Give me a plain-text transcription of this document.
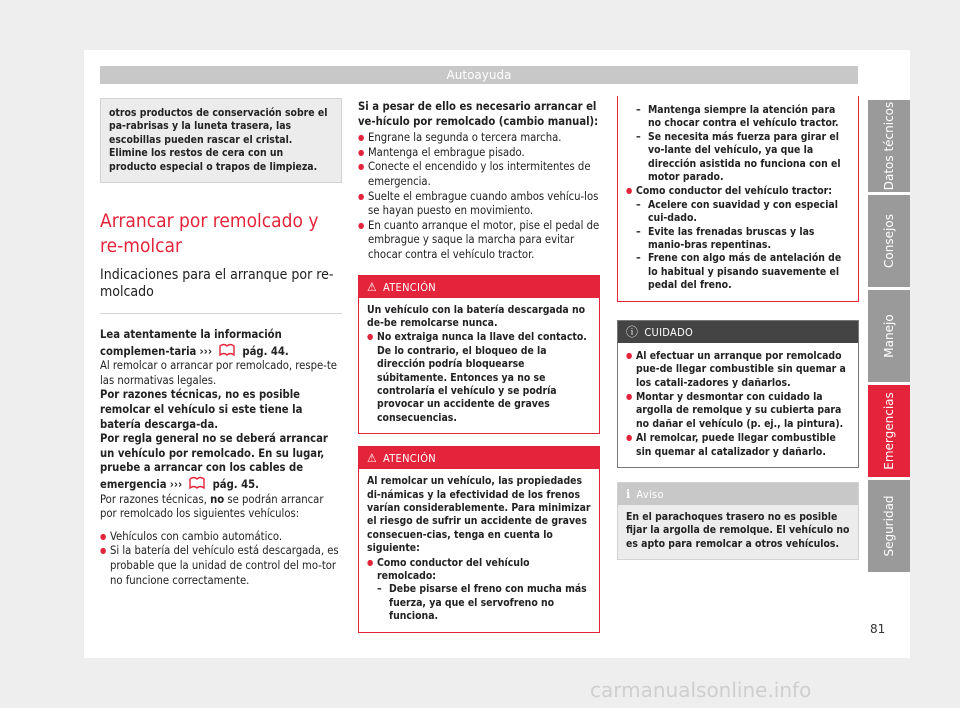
Autoayuda
otros productos de conservación sobre el pa-rabrisas y la luneta trasera, las escobillas pueden rascar el cristal. Elimine los restos de cera con un producto especial o trapos de limpieza.
Arrancar por remolcado y re-molcar
Indicaciones para el arranque por re-molcado

Lea atentamente la información complemen-taria ›››	pág. 44.

Al remolcar o arrancar por remolcado, respe-te las normativas legales.

Por razones técnicas, no es posible remolcar el vehículo si este tiene la batería descarga-da.

Por regla general no se deberá arrancar un vehículo por remolcado. En su lugar, pruebe a arrancar con los cables de emergencia ›››	pág. 45.

Por razones técnicas, no se podrán arrancar por remolcado los siguientes vehículos:

● Vehículos con cambio automático.

● Si la batería del vehículo está descargada, es probable que la unidad de control del mo-tor no funcione correctamente.

Si a pesar de ello es necesario arrancar el ve-hículo por remolcado (cambio manual):

● Engrane la segunda o tercera marcha.

● Mantenga el embrague pisado.

● Conecte el encendido y los intermitentes de emergencia.

● Suelte el embrague cuando ambos vehícu-los se hayan puesto en movimiento.

● En cuanto arranque el motor, pise el pedal de embrague y saque la marcha para evitar chocar contra el vehículo tractor.

⚠ ATENCIÓN

Un vehículo con la batería descargada no de-be remolcarse nunca.

● No extraiga nunca la llave del contacto. De lo contrario, el bloqueo de la dirección podría bloquearse súbitamente. Entonces ya no se controlaría el vehículo y se podría provocar un accidente de graves consecuencias.

⚠ ATENCIÓN

Al remolcar un vehículo, las propiedades di-námicas y la efectividad de los frenos varían considerablemente. Para minimizar el riesgo de sufrir un accidente de graves consecuen-cias, tenga en cuenta lo siguiente:

● Como conductor del vehículo remolcado:

– Debe pisarse el freno con mucha más fuerza, ya que el servofreno no funciona.

– Mantenga siempre la atención para no chocar contra el vehículo tractor.

– Se necesita más fuerza para girar el vo-lante del vehículo, ya que la dirección asistida no funciona con el motor parado.

● Como conductor del vehículo tractor:

– Acelere con suavidad y con especial cui-dado.

– Evite las frenadas bruscas y las manio-bras repentinas.

– Frene con algo más de antelación de lo habitual y pisando suavemente el pedal del freno.

ⓘ CUIDADO

● Al efectuar un arranque por remolcado pue-de llegar combustible sin quemar a los catali-zadores y dañarlos.

● Montar y desmontar con cuidado la argolla de remolque y su cubierta para no dañar el vehículo (p. ej., la pintura).

● Al remolcar, puede llegar combustible sin quemar al catalizador y dañarlo.

ℹ Aviso

En el parachoques trasero no es posible fijar la argolla de remolque. El vehículo no es apto para remolcar a otros vehículos.

Datos técnicos
Consejos
Manejo
Emergencias
Seguridad
81
carmanualsonline.info
